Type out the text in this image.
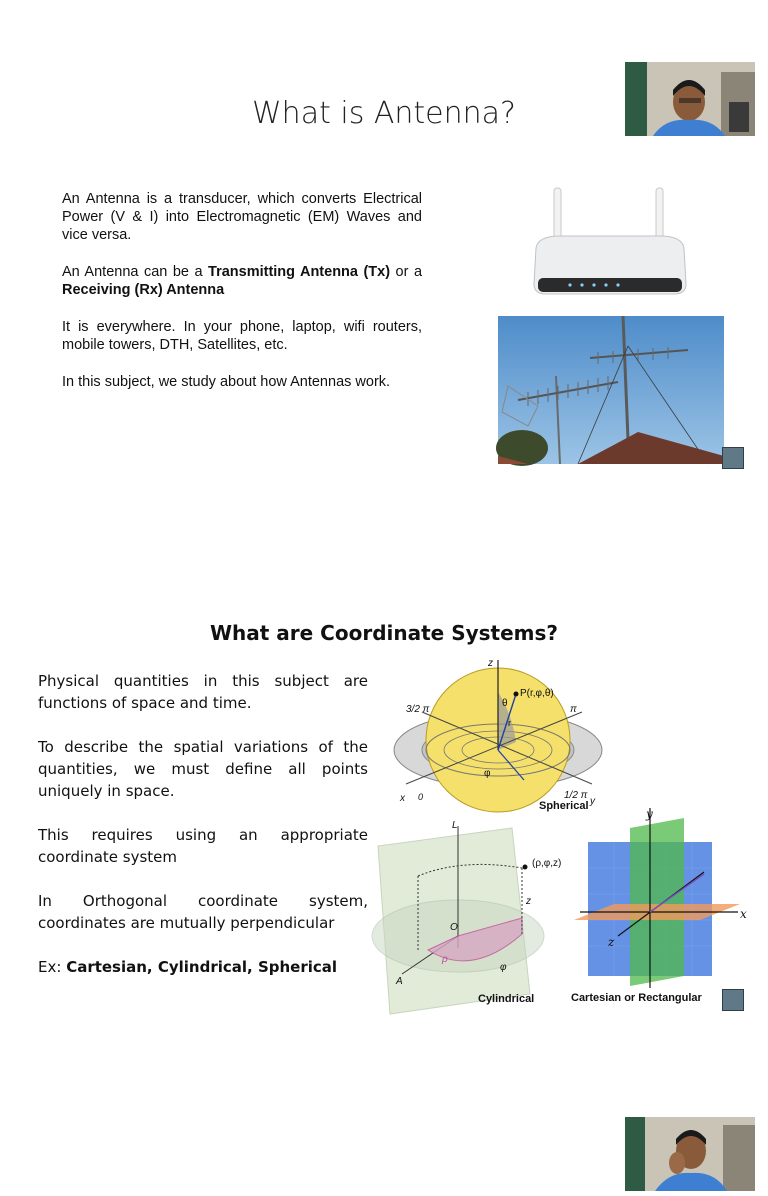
What is Antenna?

An Antenna is a transducer, which converts Electrical Power (V & I) into Electromagnetic (EM) Waves and vice versa.

An Antenna can be a Transmitting Antenna (Tx) or a Receiving (Rx) Antenna

It is everywhere. In your phone, laptop, wifi routers, mobile towers, DTH, Satellites, etc.

In this subject, we study about how Antennas work.

What are Coordinate Systems?

Physical quantities in this subject are functions of space and time.

To describe the spatial variations of the quantities, we must define all points uniquely in space.

This requires using an appropriate coordinate system

In Orthogonal coordinate system, coordinates are mutually perpendicular

Ex: Cartesian, Cylindrical, Spherical

z
P(r,φ,θ)
θ
r
φ
3/2 π	π
1/2 π
x 0	y
Spherical
L
(ρ,φ,z)
z
O
ρ
φ
A
Cylindrical
y
x
z
Cartesian or Rectangular
